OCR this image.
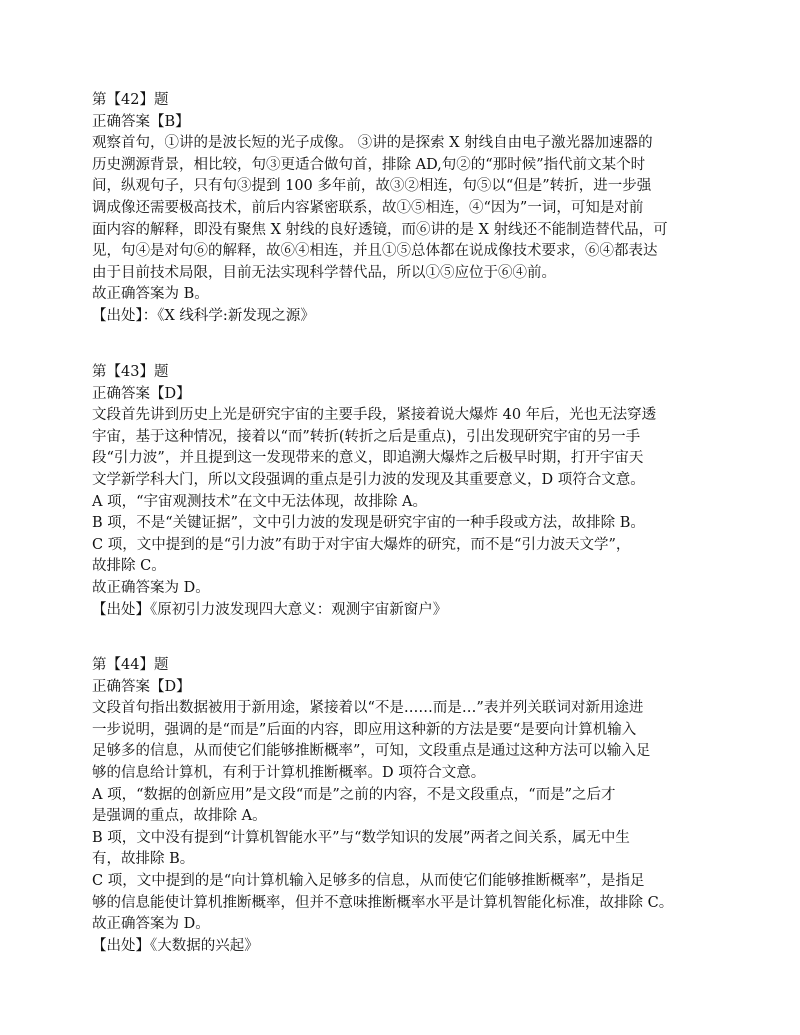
第【42】题

正确答案【B】

观察首句，①讲的是波长短的光子成像。 ③讲的是探索 X 射线自由电子激光器加速器的

历史溯源背景，相比较，句③更适合做句首，排除 AD,句②的“那时候”指代前文某个时

间，纵观句子，只有句③提到 100 多年前，故③②相连，句⑤以“但是”转折，进一步强

调成像还需要极高技术，前后内容紧密联系，故①⑤相连，④“因为”一词，可知是对前

面内容的解释，即没有聚焦 X 射线的良好透镜，而⑥讲的是 X 射线还不能制造替代品，可

见，句④是对句⑥的解释，故⑥④相连，并且①⑤总体都在说成像技术要求，⑥④都表达

由于目前技术局限，目前无法实现科学替代品，所以①⑤应位于⑥④前。

故正确答案为 B。

【出处】：《X 线科学:新发现之源》

第【43】题

正确答案【D】

文段首先讲到历史上光是研究宇宙的主要手段，紧接着说大爆炸 40 年后，光也无法穿透

宇宙，基于这种情况，接着以“而”转折(转折之后是重点)，引出发现研究宇宙的另一手

段“引力波”，并且提到这一发现带来的意义，即追溯大爆炸之后极早时期，打开宇宙天

文学新学科大门，所以文段强调的重点是引力波的发现及其重要意义，D 项符合文意。

A 项，“宇宙观测技术”在文中无法体现，故排除 A。

B 项，不是“关键证据”，文中引力波的发现是研究宇宙的一种手段或方法，故排除 B。

C 项，文中提到的是“引力波”有助于对宇宙大爆炸的研究，而不是“引力波天文学”，

故排除 C。

故正确答案为 D。

【出处】《原初引力波发现四大意义：观测宇宙新窗户》

第【44】题

正确答案【D】

文段首句指出数据被用于新用途，紧接着以“不是……而是…”表并列关联词对新用途进

一步说明，强调的是“而是”后面的内容，即应用这种新的方法是要“是要向计算机输入

足够多的信息，从而使它们能够推断概率”，可知，文段重点是通过这种方法可以输入足

够的信息给计算机，有利于计算机推断概率。D 项符合文意。

A 项，“数据的创新应用”是文段“而是”之前的内容，不是文段重点，“而是”之后才

是强调的重点，故排除 A。

B 项，文中没有提到“计算机智能水平”与“数学知识的发展”两者之间关系，属无中生

有，故排除 B。

C 项，文中提到的是“向计算机输入足够多的信息，从而使它们能够推断概率”，是指足

够的信息能使计算机推断概率，但并不意味推断概率水平是计算机智能化标准，故排除 C。

故正确答案为 D。

【出处】《大数据的兴起》
